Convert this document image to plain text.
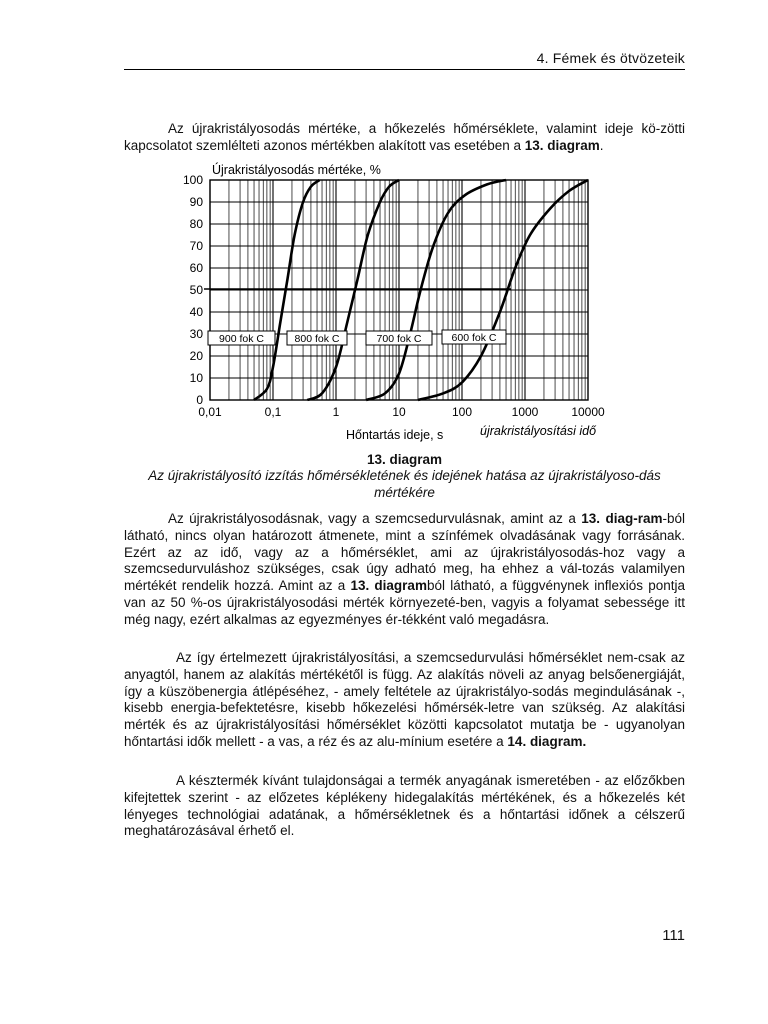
4. Fémek és ötvözeteik

Az újrakristályosodás mértéke, a hőkezelés hőmérséklete, valamint ideje kö-zötti kapcsolatot szemlélteti azonos mértékben alakított vas esetében a 13. diagram.

Újrakristályosodás mértéke, %
900 fok C	800 fok C	700 fok C	600 fok C
0
10
20
30
40
50
60
70
80
90
100
0,01	0,1	1	10	100	1000	10000
Hőntartás ideje, s	újrakristályosítási idő
13. diagram
Az újrakristályosító izzítás hőmérsékletének és idejének hatása az újrakristályoso-dás mértékére

Az újrakristályosodásnak, vagy a szemcsedurvulásnak, amint az a 13. diag-ram-ból látható, nincs olyan határozott átmenete, mint a színfémek olvadásának vagy forrásának. Ezért az az idő, vagy az a hőmérséklet, ami az újrakristályosodás-hoz vagy a szemcsedurvuláshoz szükséges, csak úgy adható meg, ha ehhez a vál-tozás valamilyen mértékét rendelik hozzá. Amint az a 13. diagramból látható, a függvénynek inflexiós pontja van az 50 %-os újrakristályosodási mérték környezeté-ben, vagyis a folyamat sebessége itt még nagy, ezért alkalmas az egyezményes ér-tékként való megadásra.

Az így értelmezett újrakristályosítási, a szemcsedurvulási hőmérséklet nem-csak az anyagtól, hanem az alakítás mértékétől is függ. Az alakítás növeli az anyag belsőenergiáját, így a küszöbenergia átlépéséhez, - amely feltétele az újrakristályo-sodás megindulásának -, kisebb energia-befektetésre, kisebb hőkezelési hőmérsék-letre van szükség. Az alakítási mérték és az újrakristályosítási hőmérséklet közötti kapcsolatot mutatja be - ugyanolyan hőntartási idők mellett - a vas, a réz és az alu-mínium esetére a 14. diagram.

A késztermék kívánt tulajdonságai a termék anyagának ismeretében - az előzőkben kifejtettek szerint - az előzetes képlékeny hidegalakítás mértékének, és a hőkezelés két lényeges technológiai adatának, a hőmérsékletnek és a hőntartási időnek a célszerű meghatározásával érhető el.

111
